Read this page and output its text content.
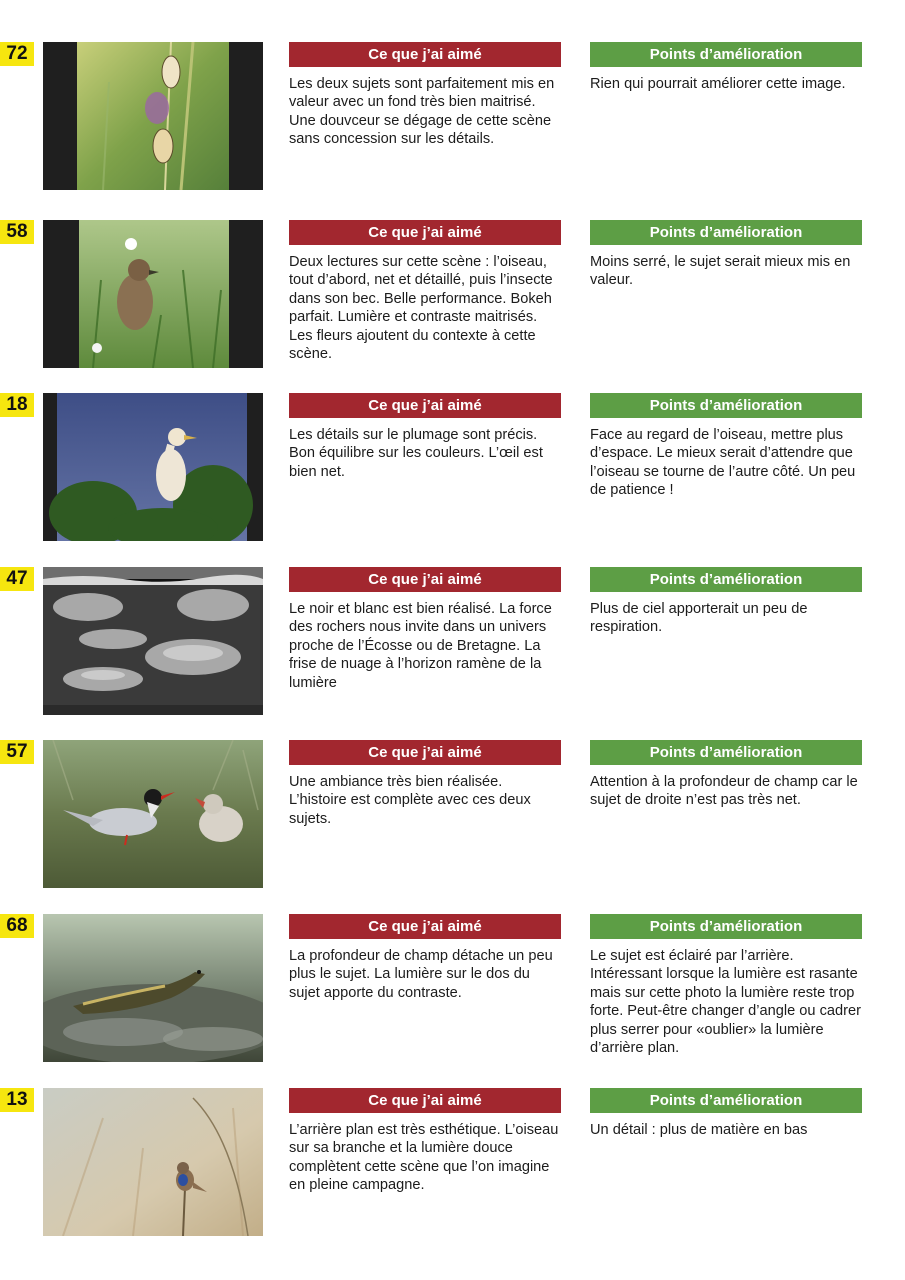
72	Ce que j’ai aimé
Les deux sujets sont parfaitement mis en valeur avec un fond très bien maitrisé. Une douvceur se dégage de cette scène sans concession sur les détails.
Points d’amélioration
Rien qui pourrait améliorer cette image.
58	Ce que j’ai aimé
Deux lectures sur cette scène : l’oiseau, tout d’abord, net et détaillé, puis l’insecte dans son bec. Belle performance. Bokeh parfait. Lumière et contraste maitrisés. Les fleurs ajoutent du contexte à cette scène.
Points d’amélioration
Moins serré, le sujet serait mieux mis en valeur.
18	Ce que j’ai aimé
Les détails sur le plumage sont précis. Bon équilibre sur les couleurs. L’œil est bien net.
Points d’amélioration
Face au regard de l’oiseau, mettre plus d’espace. Le mieux serait d’attendre que l’oiseau se tourne de l’autre côté. Un peu de patience !
47	Ce que j’ai aimé
Le noir et blanc est bien réalisé. La force des rochers nous invite dans un univers proche de l’Écosse ou de Bretagne. La frise de nuage à l’horizon ramène de la lumière
Points d’amélioration
Plus de ciel apporterait un peu de respiration.
57	Ce que j’ai aimé
Une ambiance très bien réalisée. L’histoire est complète avec ces deux sujets.
Points d’amélioration
Attention à la profondeur de champ car le sujet de droite n’est pas très net.
68	Ce que j’ai aimé
La profondeur de champ détache un peu plus le sujet. La lumière sur le dos du sujet apporte du contraste.
Points d’amélioration
Le sujet est éclairé par l’arrière. Intéressant lorsque la lumière est rasante mais sur cette photo la lumière reste trop forte. Peut-être changer d’angle ou cadrer plus serrer pour «oublier» la lumière d’arrière plan.
13	Ce que j’ai aimé
L’arrière plan est très esthétique. L’oiseau sur sa branche et la lumière douce complètent cette scène que l’on imagine en pleine campagne.
Points d’amélioration
Un détail : plus de matière en bas
